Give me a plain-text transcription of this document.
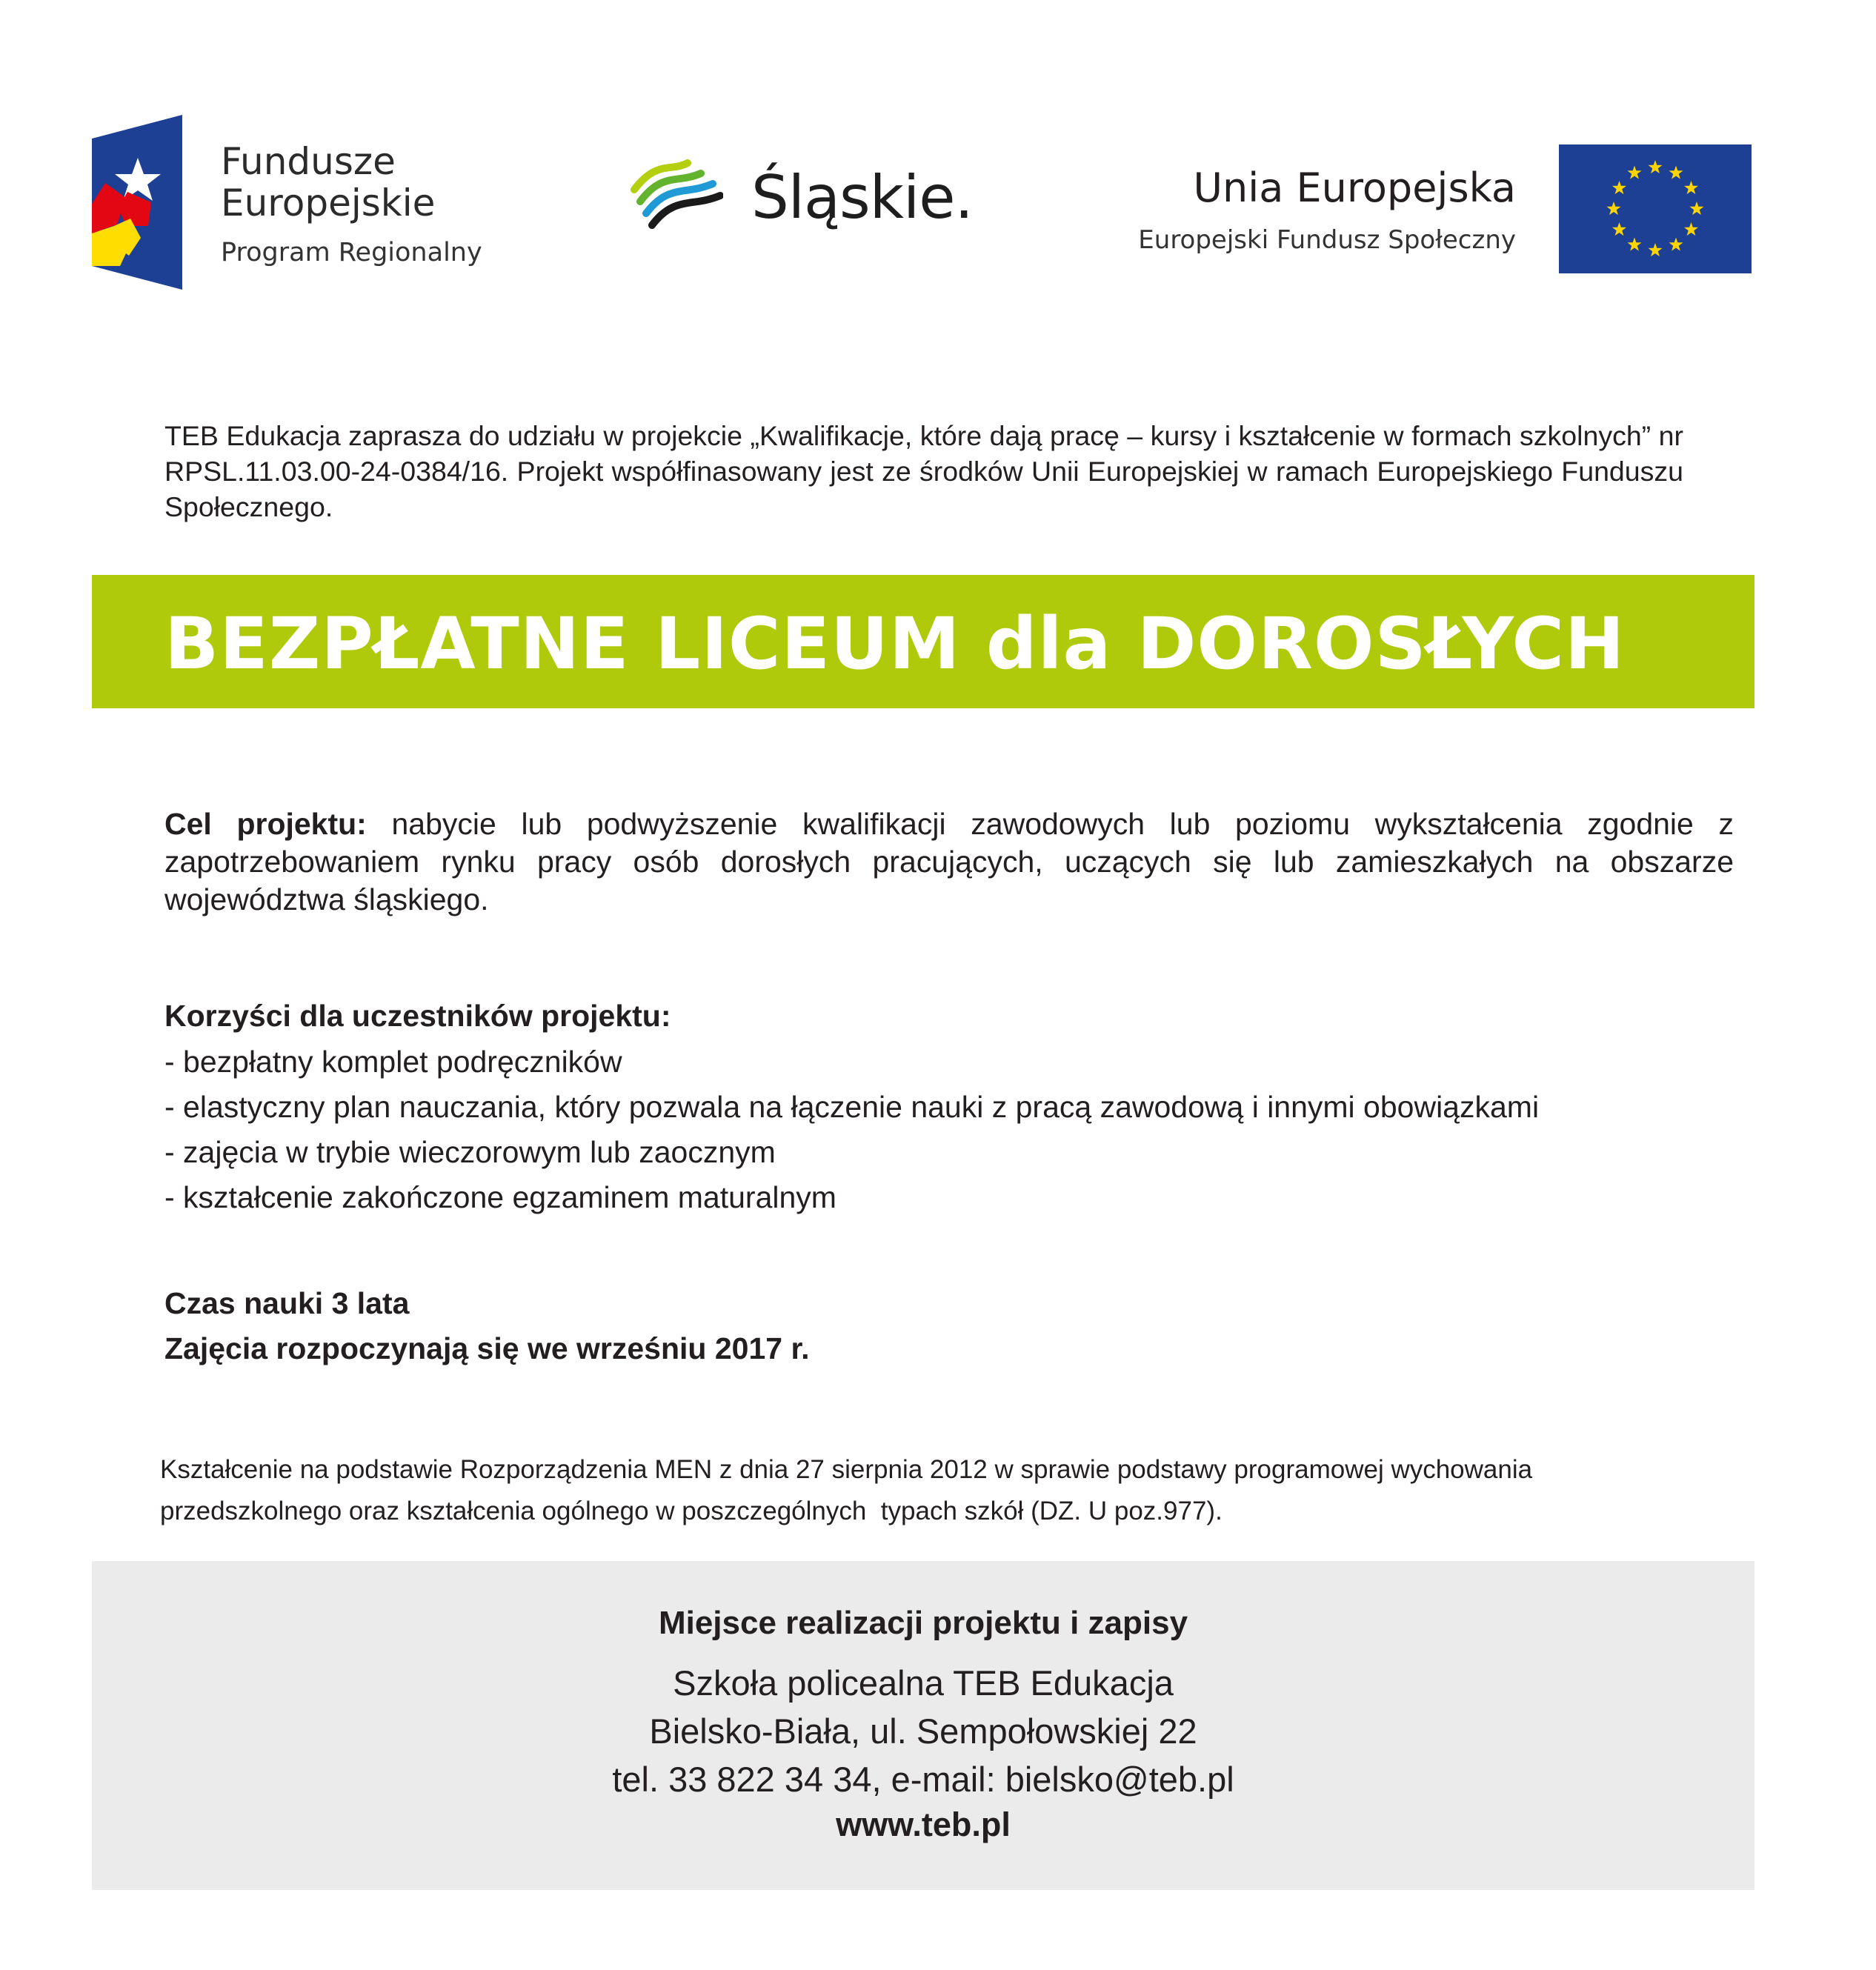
Fundusze
Europejskie
Program Regionalny
Śląskie.	Unia Europejska
Europejski Fundusz Społeczny
TEB Edukacja zaprasza do udziału w projekcie „Kwalifikacje, które dają pracę – kursy i kształcenie w formach szkolnych” nr RPSL.11.03.00-24-0384/16. Projekt współfinasowany jest ze środków Unii Europejskiej w ramach Europejskiego Funduszu Społecznego.
BEZPŁATNE LICEUM dla DOROSŁYCH
Cel projektu: nabycie lub podwyższenie kwalifikacji zawodowych lub poziomu wykształcenia zgodnie z zapotrzebowaniem rynku pracy osób dorosłych pracujących, uczących się lub zamieszkałych na obszarze województwa śląskiego.
Korzyści dla uczestników projektu:
- bezpłatny komplet podręczników
- elastyczny plan nauczania, który pozwala na łączenie nauki z pracą zawodową i innymi obowiązkami
- zajęcia w trybie wieczorowym lub zaocznym
- kształcenie zakończone egzaminem maturalnym
Czas nauki 3 lata
Zajęcia rozpoczynają się we wrześniu 2017 r.
Kształcenie na podstawie Rozporządzenia MEN z dnia 27 sierpnia 2012 w sprawie podstawy programowej wychowania
przedszkolnego oraz kształcenia ogólnego w poszczególnych  typach szkół (DZ. U poz.977).
Miejsce realizacji projektu i zapisy
Szkoła policealna TEB Edukacja
Bielsko-Biała, ul. Sempołowskiej 22
tel. 33 822 34 34, e-mail: bielsko@teb.pl
www.teb.pl
